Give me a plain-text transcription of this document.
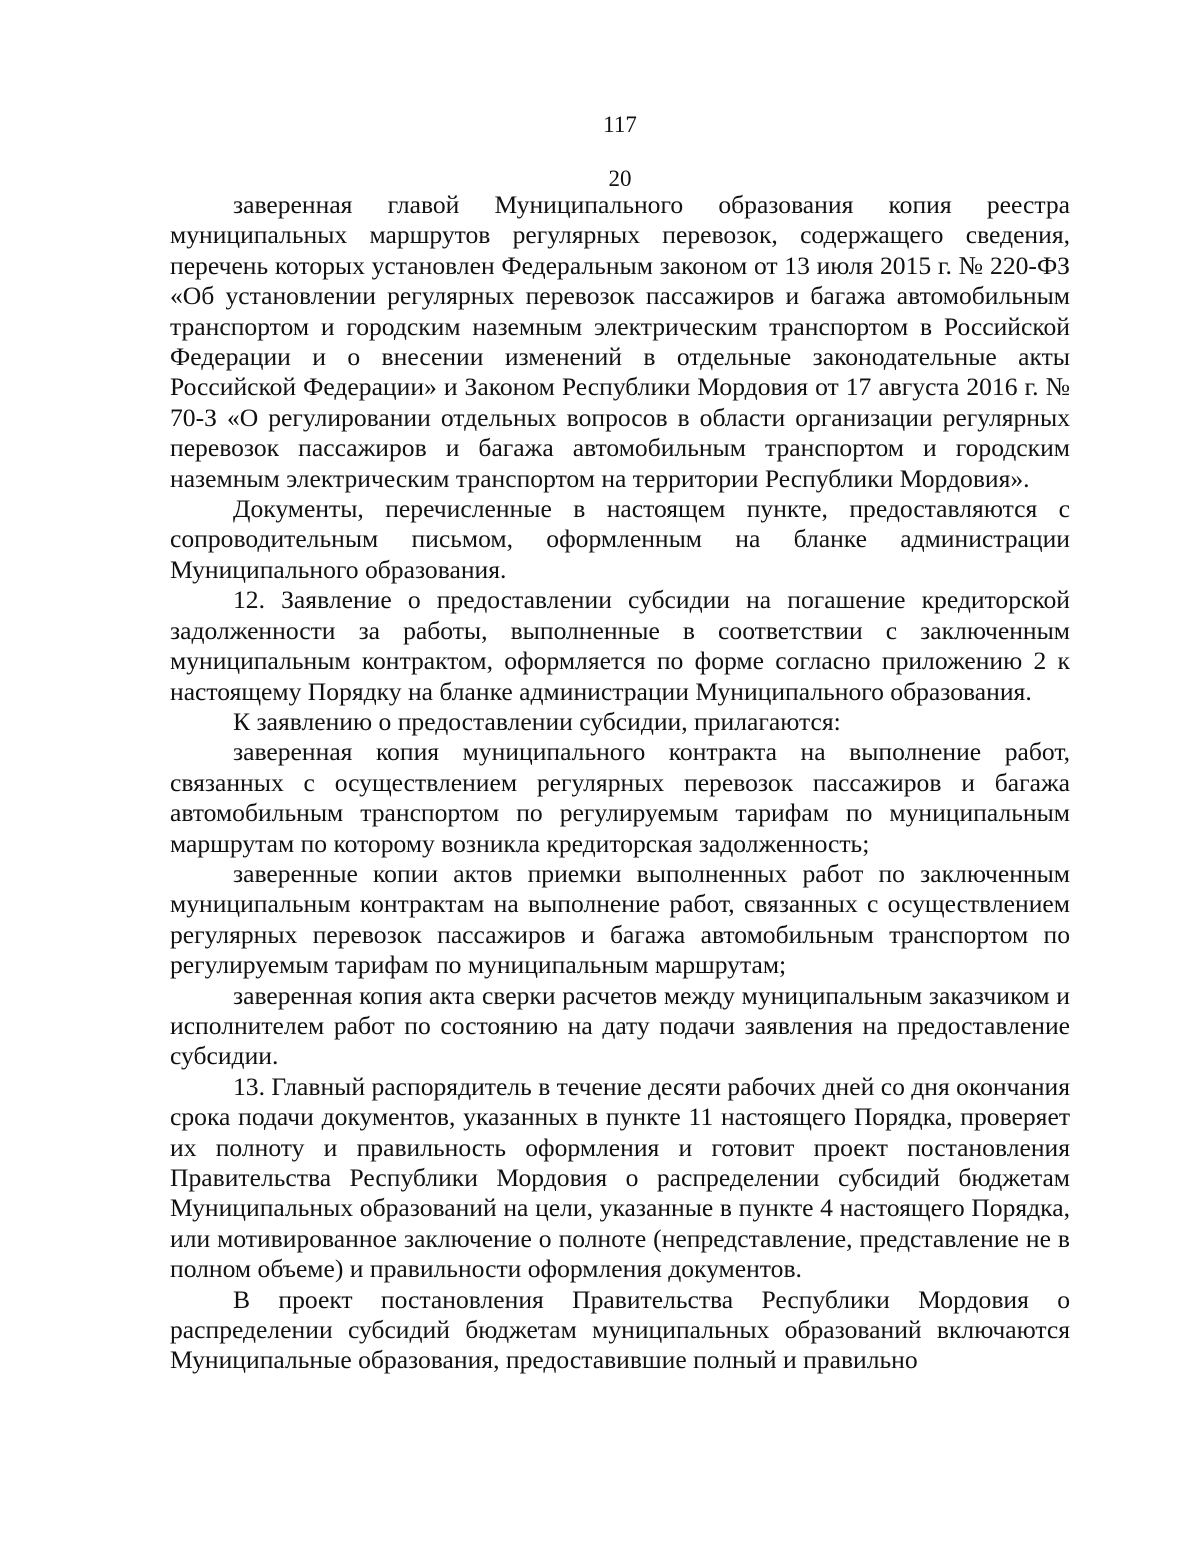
117
20

заверенная главой Муниципального образования копия реестра муниципальных маршрутов регулярных перевозок, содержащего сведения, перечень которых установлен Федеральным законом от 13 июля 2015 г. № 220-ФЗ «Об установлении регулярных перевозок пассажиров и багажа автомобильным транспортом и городским наземным электрическим транспортом в Российской Федерации и о внесении изменений в отдельные законодательные акты Российской Федерации» и Законом Республики Мордовия от 17 августа 2016 г. № 70-З «О регулировании отдельных вопросов в области организации регулярных перевозок пассажиров и багажа автомобильным транспортом и городским наземным электрическим транспортом на территории Республики Мордовия».

Документы, перечисленные в настоящем пункте, предоставляются с сопроводительным письмом, оформленным на бланке администрации Муниципального образования.

12. Заявление о предоставлении субсидии на погашение кредиторской задолженности за работы, выполненные в соответствии с заключенным муниципальным контрактом, оформляется по форме согласно приложению 2 к настоящему Порядку на бланке администрации Муниципального образования.

К заявлению о предоставлении субсидии, прилагаются:

заверенная копия муниципального контракта на выполнение работ, связанных с осуществлением регулярных перевозок пассажиров и багажа автомобильным транспортом по регулируемым тарифам по муниципальным маршрутам по которому возникла кредиторская задолженность;

заверенные копии актов приемки выполненных работ по заключенным муниципальным контрактам на выполнение работ, связанных с осуществлением регулярных перевозок пассажиров и багажа автомобильным транспортом по регулируемым тарифам по муниципальным маршрутам;

заверенная копия акта сверки расчетов между муниципальным заказчиком и исполнителем работ по состоянию на дату подачи заявления на предоставление субсидии.

13. Главный распорядитель в течение десяти рабочих дней со дня окончания срока подачи документов, указанных в пункте 11 настоящего Порядка, проверяет их полноту и правильность оформления и готовит проект постановления Правительства Республики Мордовия о распределении субсидий бюджетам Муниципальных образований на цели, указанные в пункте 4 настоящего Порядка, или мотивированное заключение о полноте (непредставление, представление не в полном объеме) и правильности оформления документов.

В проект постановления Правительства Республики Мордовия о распределении субсидий бюджетам муниципальных образований включаются Муниципальные образования, предоставившие полный и правильно
